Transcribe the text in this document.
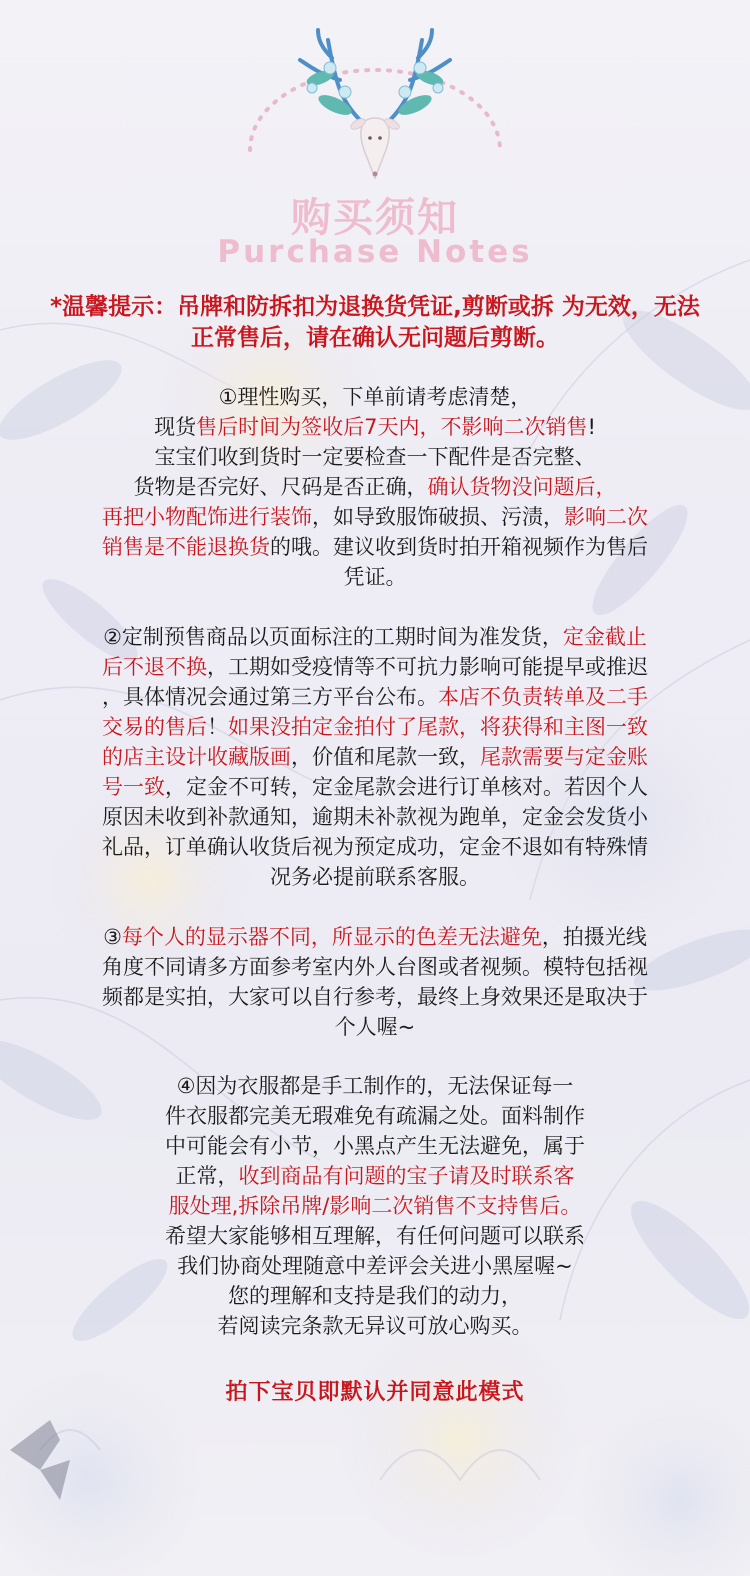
购买须知
Purchase Notes
*温馨提示：吊牌和防拆扣为退换货凭证,剪断或拆 为无效，无法正常售后，请在确认无问题后剪断。
①理性购买，下单前请考虑清楚，
现货售后时间为签收后7天内，不影响二次销售!
宝宝们收到货时一定要检查一下配件是否完整、
货物是否完好、尺码是否正确，确认货物没问题后，
再把小物配饰进行装饰，如导致服饰破损、污渍，影响二次
销售是不能退换货的哦。建议收到货时拍开箱视频作为售后
凭证。
②定制预售商品以页面标注的工期时间为准发货，定金截止
后不退不换，工期如受疫情等不可抗力影响可能提早或推迟
，具体情况会通过第三方平台公布。本店不负责转单及二手
交易的售后！如果没拍定金拍付了尾款，将获得和主图一致
的店主设计收藏版画，价值和尾款一致，尾款需要与定金账
号一致，定金不可转，定金尾款会进行订单核对。若因个人
原因未收到补款通知，逾期未补款视为跑单，定金会发货小
礼品，订单确认收货后视为预定成功，定金不退如有特殊情
况务必提前联系客服。
③每个人的显示器不同，所显示的色差无法避免，拍摄光线
角度不同请多方面参考室内外人台图或者视频。模特包括视
频都是实拍，大家可以自行参考，最终上身效果还是取决于
个人喔~
④因为衣服都是手工制作的，无法保证每一
件衣服都完美无瑕难免有疏漏之处。面料制作
中可能会有小节，小黑点产生无法避免，属于
正常，收到商品有问题的宝子请及时联系客
服处理,拆除吊牌/影响二次销售不支持售后。
希望大家能够相互理解，有任何问题可以联系
我们协商处理随意中差评会关进小黑屋喔~
您的理解和支持是我们的动力，
若阅读完条款无异议可放心购买。
拍下宝贝即默认并同意此模式
